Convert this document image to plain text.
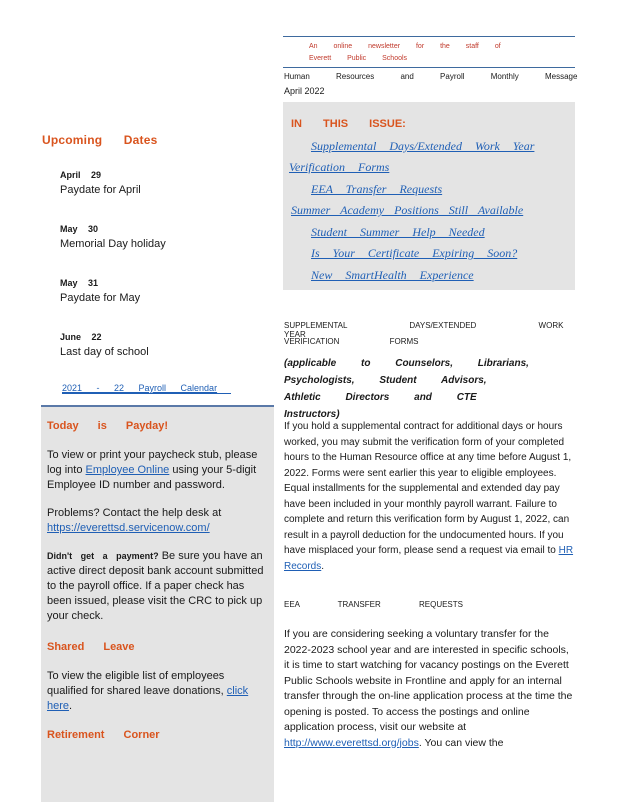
Upcoming Dates
April 29
Paydate for April
May 30
Memorial Day holiday
May 31
Paydate for May
June 22
Last day of school
2021 - 22 Payroll Calendar
Today is Payday!

To view or print your paycheck stub, please log into Employee Online using your 5-digit Employee ID number and password.

Problems? Contact the help desk at
https://everettsd.servicenow.com/

Didn't get a payment? Be sure you have an active direct deposit bank account submitted to the payroll office. If a paper check has been issued, please visit the CRC to pick up your check.

Shared Leave

To view the eligible list of employees qualified for shared leave donations, click here.

Retirement Corner
An online newsletter for the staff of Everett Public Schools
Human Resources and Payroll Monthly Message
April 2022
IN THIS ISSUE:
Supplemental Days/Extended Work Year
Verification Forms
EEA Transfer Requests
Summer Academy Positions Still Available
Student Summer Help Needed
Is Your Certificate Expiring Soon?
New SmartHealth Experience
SUPPLEMENTAL DAYS/EXTENDED WORK YEAR
VERIFICATION FORMS
(applicable to Counselors, Librarians, Psychologists, Student Advisors, Athletic Directors and CTE Instructors)
If you hold a supplemental contract for additional days or hours worked, you may submit the verification form of your completed hours to the Human Resource office at any time before August 1, 2022. Forms were sent earlier this year to eligible employees. Equal installments for the supplemental and extended day pay have been included in your monthly payroll warrant. Failure to complete and return this verification form by August 1, 2022, can result in a payroll deduction for the undocumented hours. If you have misplaced your form, please send a request via email to HR Records.
EEA TRANSFER REQUESTS
If you are considering seeking a voluntary transfer for the 2022-2023 school year and are interested in specific schools, it is time to start watching for vacancy postings on the Everett Public Schools website in Frontline and apply for an internal transfer through the on-line application process at the time the opening is posted. To access the postings and online application process, visit our website at http://www.everettsd.org/jobs. You can view the
